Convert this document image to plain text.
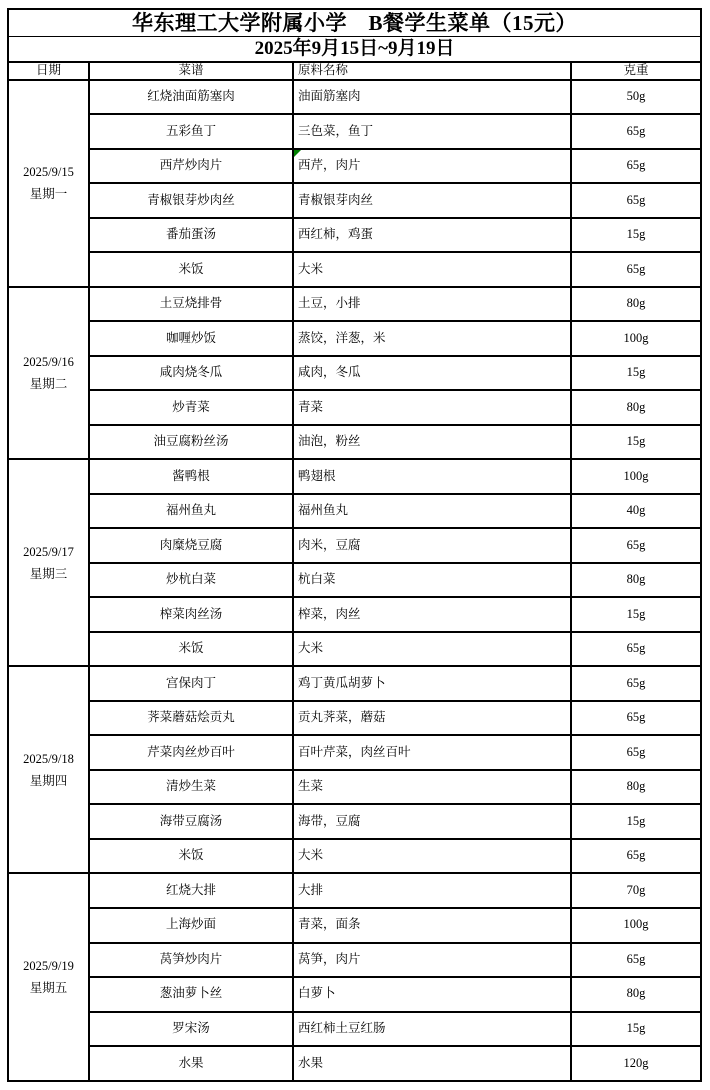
华东理工大学附属小学　B餐学生菜单（15元）			
2025年9月15日~9月19日			
日期	菜谱	原料名称	克重

2025/9/15
星期一	红烧油面筋塞肉	油面筋塞肉	50g
	五彩鱼丁	三色菜，鱼丁	65g
	西芹炒肉片	西芹，肉片	65g
	青椒银芽炒肉丝	青椒银芽肉丝	65g
	番茄蛋汤	西红柿，鸡蛋	15g
	米饭	大米	65g

2025/9/16
星期二	土豆烧排骨	土豆，小排	80g
	咖喱炒饭	蒸饺，洋葱，米	100g
	咸肉烧冬瓜	咸肉，冬瓜	15g
	炒青菜	青菜	80g
	油豆腐粉丝汤	油泡，粉丝	15g

2025/9/17
星期三	酱鸭根	鸭翅根	100g
	福州鱼丸	福州鱼丸	40g
	肉糜烧豆腐	肉米，豆腐	65g
	炒杭白菜	杭白菜	80g
	榨菜肉丝汤	榨菜，肉丝	15g
	米饭	大米	65g

2025/9/18
星期四	宫保肉丁	鸡丁黄瓜胡萝卜	65g
	荠菜蘑菇烩贡丸	贡丸荠菜，蘑菇	65g
	芹菜肉丝炒百叶	百叶芹菜，肉丝百叶	65g
	清炒生菜	生菜	80g
	海带豆腐汤	海带，豆腐	15g
	米饭	大米	65g

2025/9/19
星期五	红烧大排	大排	70g
	上海炒面	青菜，面条	100g
	莴笋炒肉片	莴笋，肉片	65g
	葱油萝卜丝	白萝卜	80g
	罗宋汤	西红柿土豆红肠	15g
	水果	水果	120g
